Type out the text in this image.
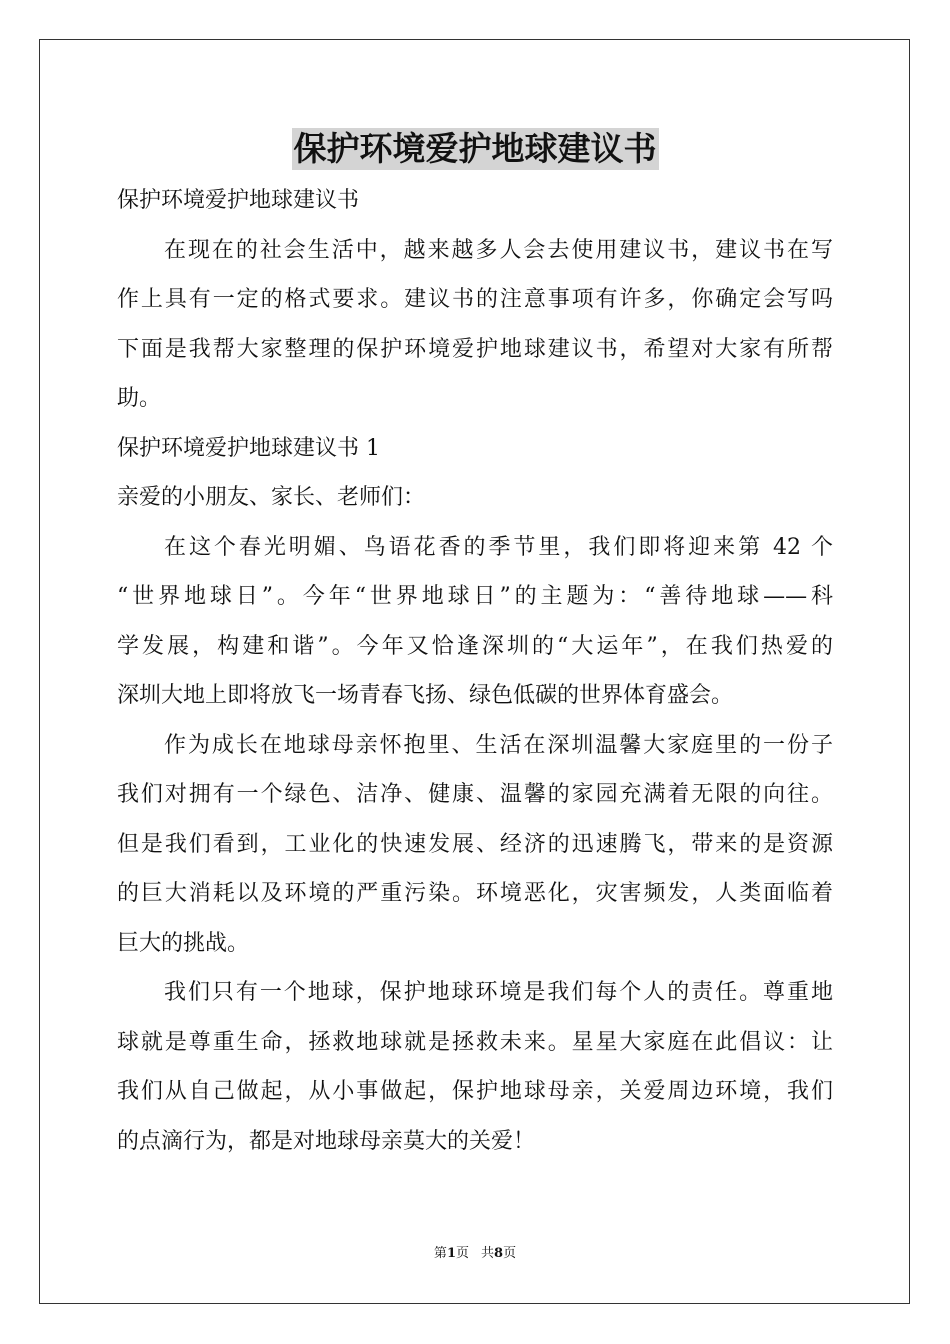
保护环境爱护地球建议书

保护环境爱护地球建议书

在现在的社会生活中，越来越多人会去使用建议书，建议书在写

作上具有一定的格式要求。建议书的注意事项有许多，你确定会写吗

下面是我帮大家整理的保护环境爱护地球建议书，希望对大家有所帮

助。

保护环境爱护地球建议书 1

亲爱的小朋友、家长、老师们：

在这个春光明媚、鸟语花香的季节里，我们即将迎来第 42 个

“世界地球日”。今年“世界地球日”的主题为：“善待地球——科

学发展，构建和谐”。今年又恰逢深圳的“大运年”，在我们热爱的

深圳大地上即将放飞一场青春飞扬、绿色低碳的世界体育盛会。

作为成长在地球母亲怀抱里、生活在深圳温馨大家庭里的一份子

我们对拥有一个绿色、洁净、健康、温馨的家园充满着无限的向往。

但是我们看到，工业化的快速发展、经济的迅速腾飞，带来的是资源

的巨大消耗以及环境的严重污染。环境恶化，灾害频发，人类面临着

巨大的挑战。

我们只有一个地球，保护地球环境是我们每个人的责任。尊重地

球就是尊重生命，拯救地球就是拯救未来。星星大家庭在此倡议：让

我们从自己做起，从小事做起，保护地球母亲，关爱周边环境，我们

的点滴行为，都是对地球母亲莫大的关爱！

第1页 共8页
